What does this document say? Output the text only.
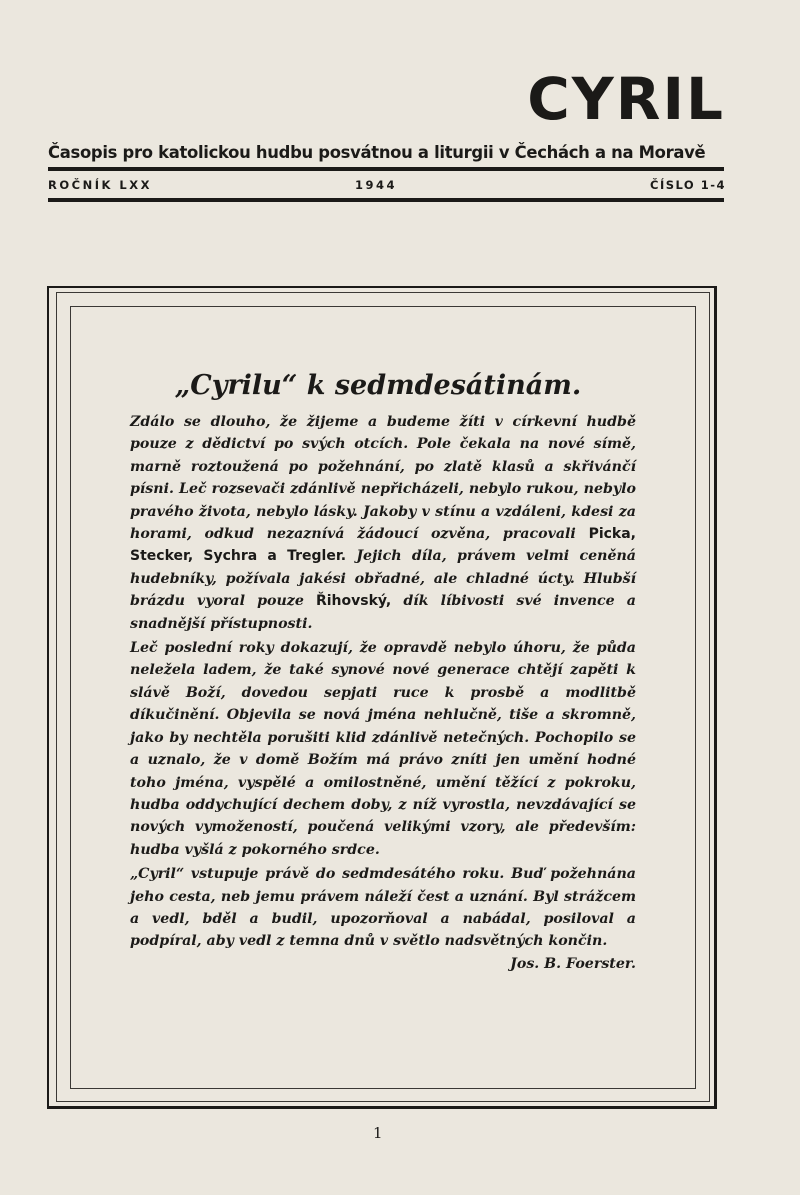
CYRIL
Časopis pro katolickou hudbu posvátnou a liturgii v Čechách a na Moravě
ROČNÍK LXX	1944	ČÍSLO 1-4
„Cyrilu“ k sedmdesátinám.

Zdálo se dlouho, že žijeme a budeme žíti v církevní hudbě pouze z dědictví po svých otcích. Pole čekala na nové símě, marně roztoužená po požehnání, po zlatě klasů a skřivánčí písni. Leč rozsevači zdánlivě nepřicházeli, nebylo rukou, nebylo pravého života, nebylo lásky. Jakoby v stínu a vzdáleni, kdesi za horami, odkud nezaznívá žádoucí ozvěna, pracovali Picka, Stecker, Sychra a Tregler. Jejich díla, právem velmi ceněná hudebníky, požívala jakési obřadné, ale chladné úcty. Hlubší brázdu vyoral pouze Řihovský, dík líbivosti své invence a snadnější přístupnosti.

Leč poslední roky dokazují, že opravdě nebylo úhoru, že půda neležela ladem, že také synové nové generace chtějí zapěti k slávě Boží, dovedou sepjati ruce k prosbě a modlitbě díkučinění. Objevila se nová jména nehlučně, tiše a skromně, jako by nechtěla porušiti klid zdánlivě netečných. Pochopilo se a uznalo, že v domě Božím má právo zníti jen umění hodné toho jména, vyspělé a omilostněné, umění těžící z pokroku, hudba oddychující dechem doby, z níž vyrostla, nevzdávající se nových vymožeností, poučená velikými vzory, ale především: hudba vyšlá z pokorného srdce.

„Cyril“ vstupuje právě do sedmdesátého roku. Buď požehnána jeho cesta, neb jemu právem náleží čest a uznání. Byl strážcem a vedl, bděl a budil, upozorňoval a nabádal, posiloval a podpíral, aby vedl z temna dnů v světlo nadsvětných končin.
Jos. B. Foerster.

1
